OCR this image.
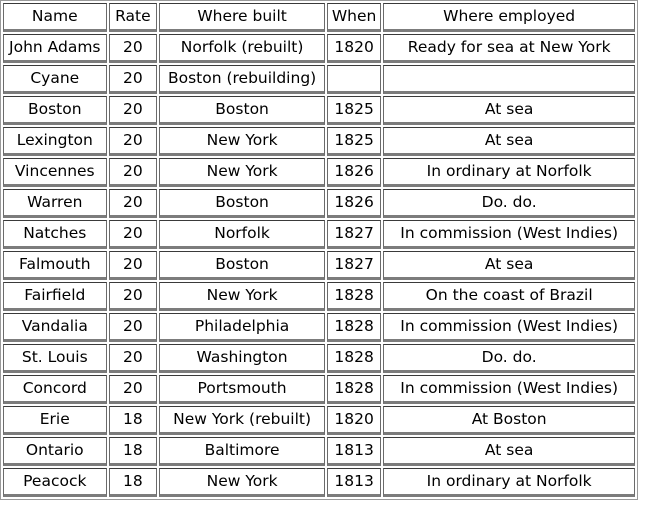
Name	Rate	Where built	When	Where employed
John Adams	20	Norfolk (rebuilt)	1820	Ready for sea at New York
Cyane	20	Boston (rebuilding)		
Boston	20	Boston	1825	At sea
Lexington	20	New York	1825	At sea
Vincennes	20	New York	1826	In ordinary at Norfolk
Warren	20	Boston	1826	Do. do.
Natches	20	Norfolk	1827	In commission (West Indies)
Falmouth	20	Boston	1827	At sea
Fairfield	20	New York	1828	On the coast of Brazil
Vandalia	20	Philadelphia	1828	In commission (West Indies)
St. Louis	20	Washington	1828	Do. do.
Concord	20	Portsmouth	1828	In commission (West Indies)
Erie	18	New York (rebuilt)	1820	At Boston
Ontario	18	Baltimore	1813	At sea
Peacock	18	New York	1813	In ordinary at Norfolk
